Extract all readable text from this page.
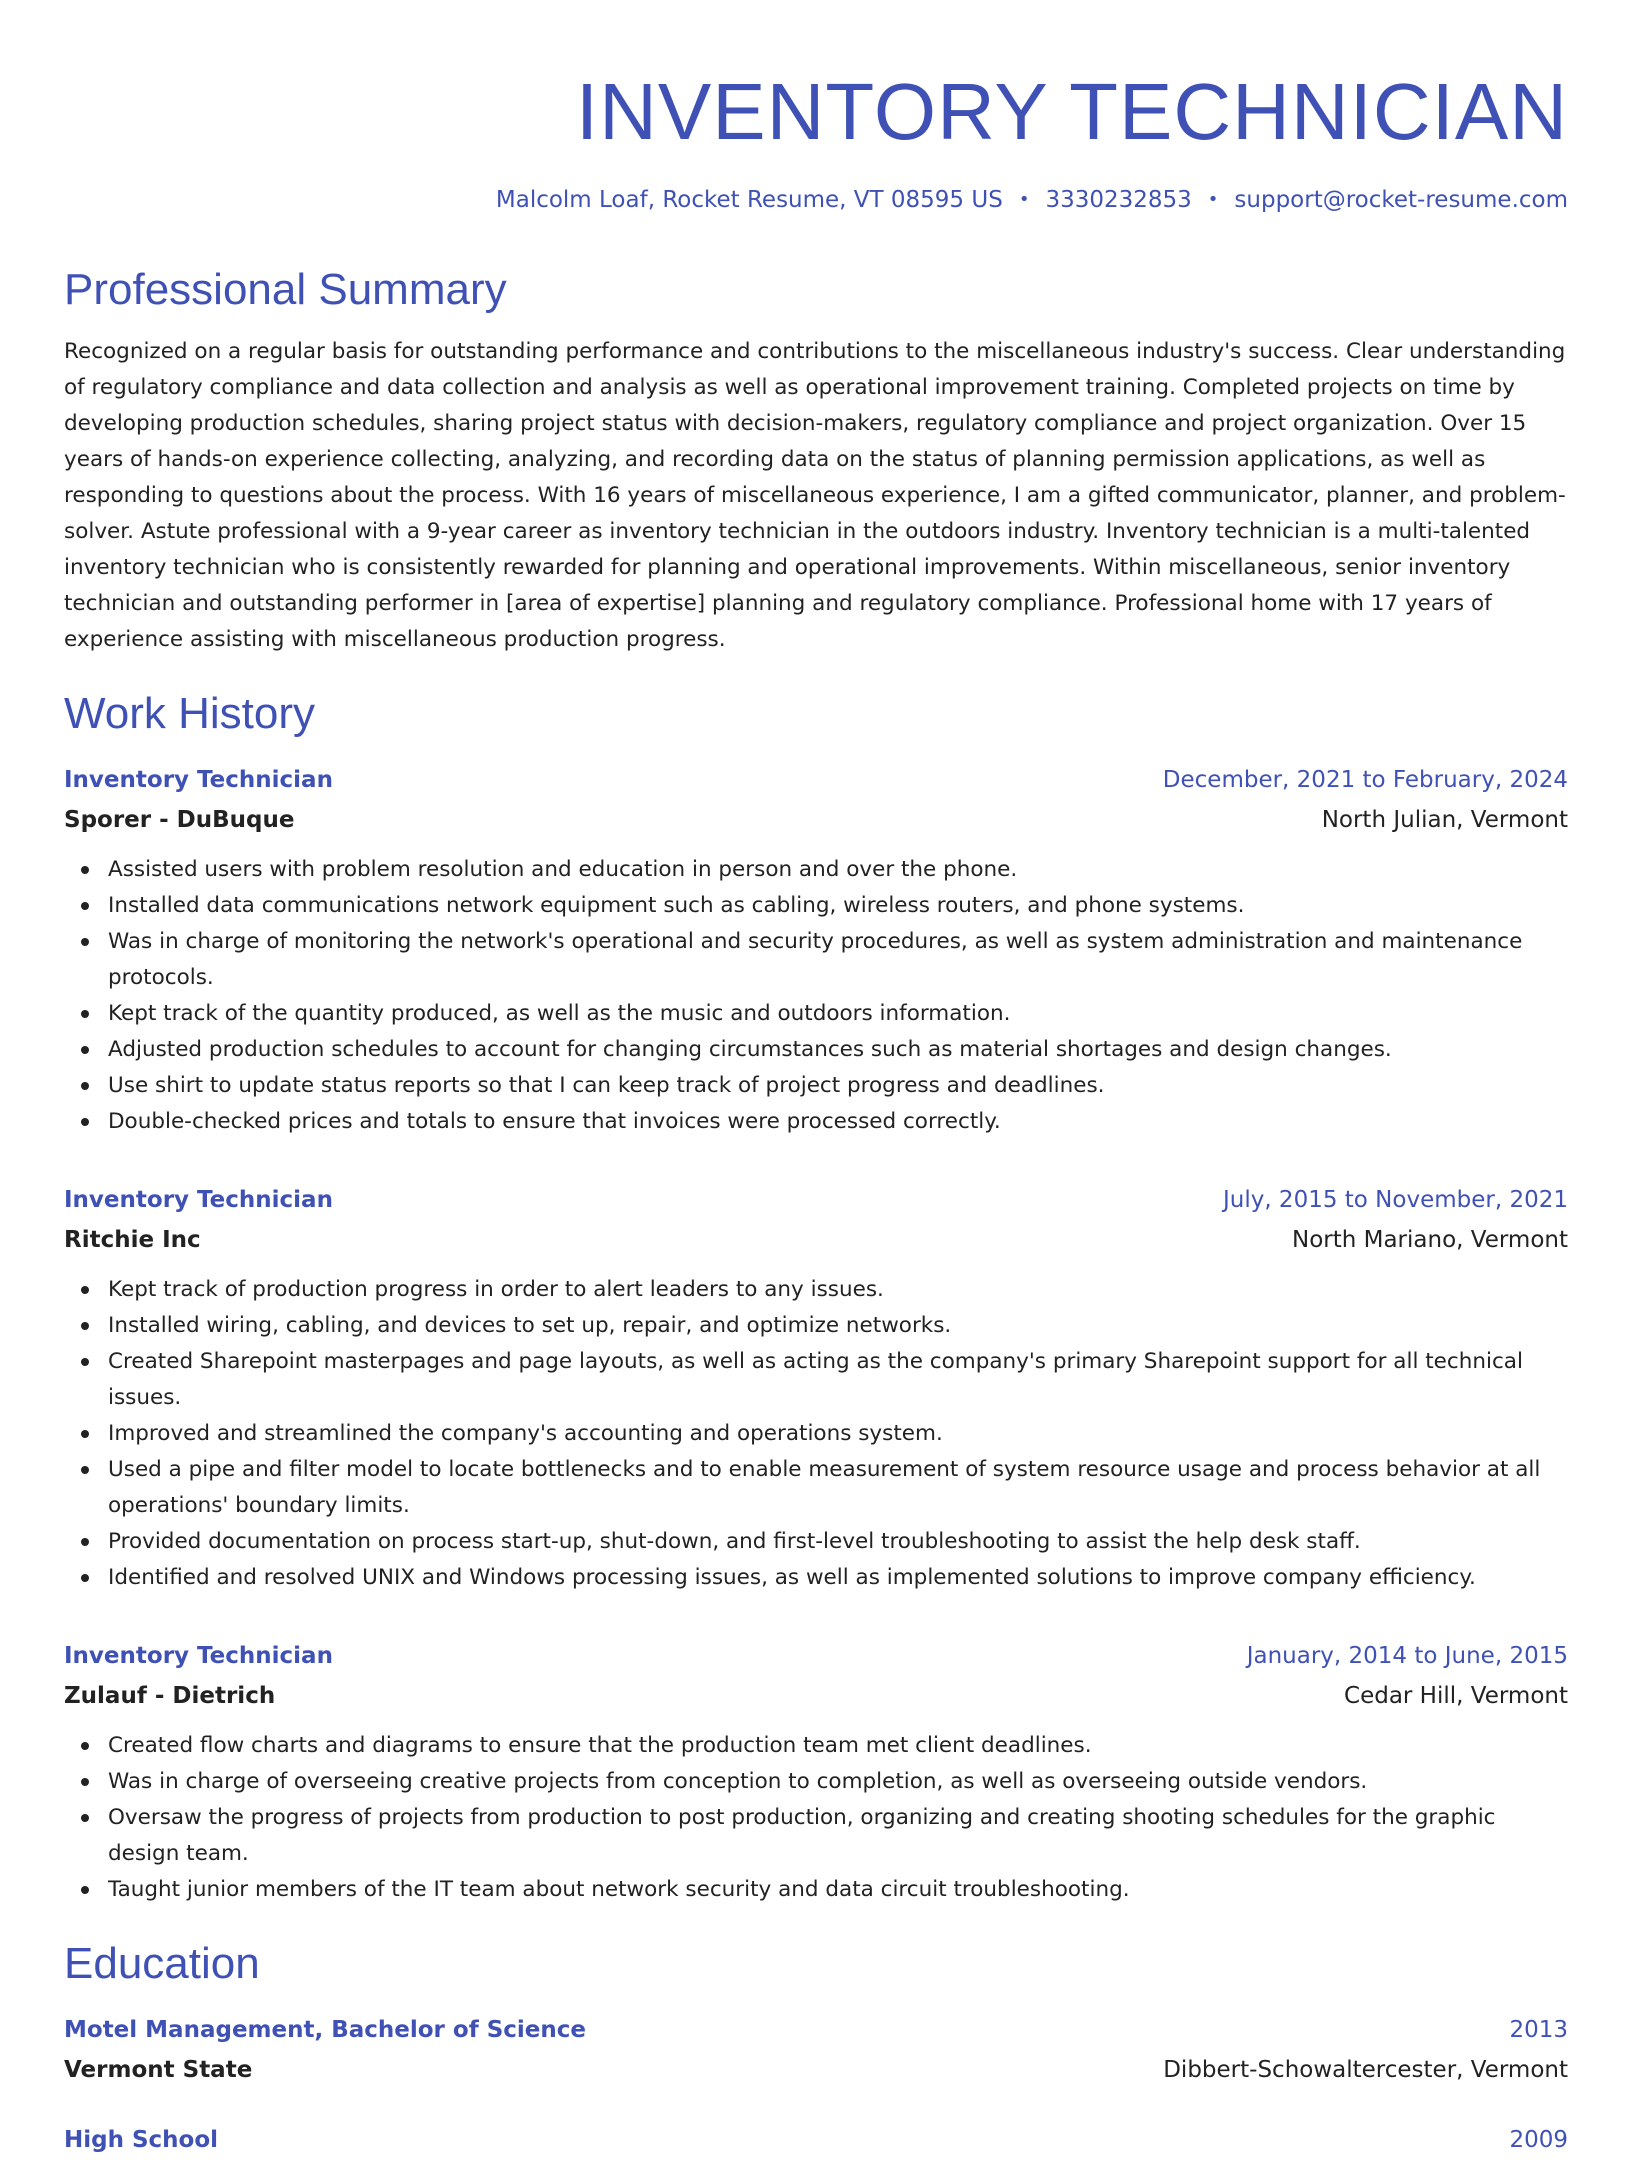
INVENTORY TECHNICIAN
Malcolm Loaf, Rocket Resume, VT 08595 US • 3330232853 • support@rocket-resume.com
Professional Summary
Recognized on a regular basis for outstanding performance and contributions to the miscellaneous industry's success. Clear understanding of regulatory compliance and data collection and analysis as well as operational improvement training. Completed projects on time by developing production schedules, sharing project status with decision-makers, regulatory compliance and project organization. Over 15 years of hands-on experience collecting, analyzing, and recording data on the status of planning permission applications, as well as responding to questions about the process. With 16 years of miscellaneous experience, I am a gifted communicator, planner, and problem-solver. Astute professional with a 9-year career as inventory technician in the outdoors industry. Inventory technician is a multi-talented inventory technician who is consistently rewarded for planning and operational improvements. Within miscellaneous, senior inventory technician and outstanding performer in [area of expertise] planning and regulatory compliance. Professional home with 17 years of experience assisting with miscellaneous production progress.
Work History
Inventory Technician	December, 2021 to February, 2024
Sporer - DuBuque	North Julian, Vermont
Assisted users with problem resolution and education in person and over the phone.
Installed data communications network equipment such as cabling, wireless routers, and phone systems.
Was in charge of monitoring the network's operational and security procedures, as well as system administration and maintenance protocols.
Kept track of the quantity produced, as well as the music and outdoors information.
Adjusted production schedules to account for changing circumstances such as material shortages and design changes.
Use shirt to update status reports so that I can keep track of project progress and deadlines.
Double-checked prices and totals to ensure that invoices were processed correctly.
Inventory Technician	July, 2015 to November, 2021
Ritchie Inc	North Mariano, Vermont
Kept track of production progress in order to alert leaders to any issues.
Installed wiring, cabling, and devices to set up, repair, and optimize networks.
Created Sharepoint masterpages and page layouts, as well as acting as the company's primary Sharepoint support for all technical issues.
Improved and streamlined the company's accounting and operations system.
Used a pipe and filter model to locate bottlenecks and to enable measurement of system resource usage and process behavior at all operations' boundary limits.
Provided documentation on process start-up, shut-down, and first-level troubleshooting to assist the help desk staff.
Identified and resolved UNIX and Windows processing issues, as well as implemented solutions to improve company efficiency.
Inventory Technician	January, 2014 to June, 2015
Zulauf - Dietrich	Cedar Hill, Vermont
Created flow charts and diagrams to ensure that the production team met client deadlines.
Was in charge of overseeing creative projects from conception to completion, as well as overseeing outside vendors.
Oversaw the progress of projects from production to post production, organizing and creating shooting schedules for the graphic design team.
Taught junior members of the IT team about network security and data circuit troubleshooting.
Education
Motel Management, Bachelor of Science	2013
Vermont State	Dibbert-Schowaltercester, Vermont
High School	2009
